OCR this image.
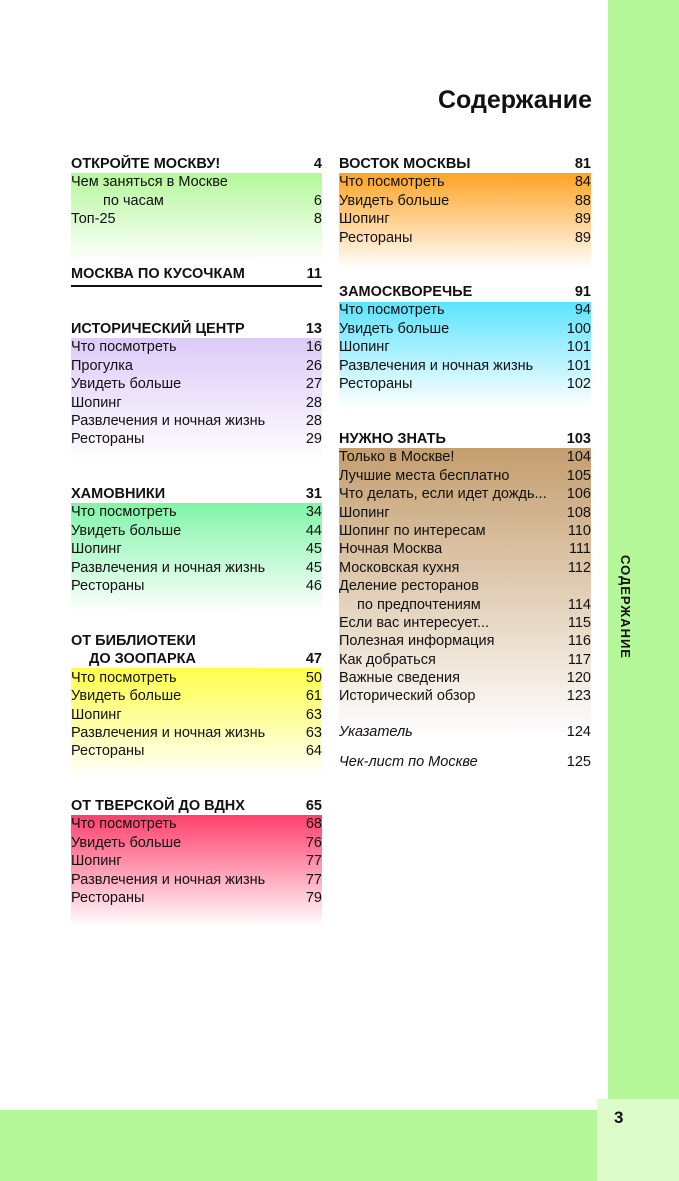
3
СОДЕРЖАНИЕ
Содержание
ОТКРОЙТЕ МОСКВУ!	4
Чем заняться в Москве
по часам	6
Топ-25	8
МОСКВА ПО КУСОЧКАМ	11
ИСТОРИЧЕСКИЙ ЦЕНТР	13
Что посмотреть	16
Прогулка	26
Увидеть больше	27
Шопинг	28
Развлечения и ночная жизнь	28
Рестораны	29
ХАМОВНИКИ	31
Что посмотреть	34
Увидеть больше	44
Шопинг	45
Развлечения и ночная жизнь	45
Рестораны	46
ОТ БИБЛИОТЕКИ
ДО ЗООПАРКА	47
Что посмотреть	50
Увидеть больше	61
Шопинг	63
Развлечения и ночная жизнь	63
Рестораны	64
ОТ ТВЕРСКОЙ ДО ВДНХ	65
Что посмотреть	68
Увидеть больше	76
Шопинг	77
Развлечения и ночная жизнь	77
Рестораны	79
ВОСТОК МОСКВЫ	81
Что посмотреть	84
Увидеть больше	88
Шопинг	89
Рестораны	89
ЗАМОСКВОРЕЧЬЕ	91
Что посмотреть	94
Увидеть больше	100
Шопинг	101
Развлечения и ночная жизнь 101
Рестораны	102
НУЖНО ЗНАТЬ	103
Только в Москве!	104
Лучшие места бесплатно	105
Что делать, если идет дождь... 106
Шопинг	108
Шопинг по интересам	110
Ночная Москва	111
Московская кухня	112
Деление ресторанов
по предпочтениям	114
Если вас интересует...	115
Полезная информация	116
Как добраться	117
Важные сведения	120
Исторический обзор	123
Указатель	124
Чек-лист по Москве	125
